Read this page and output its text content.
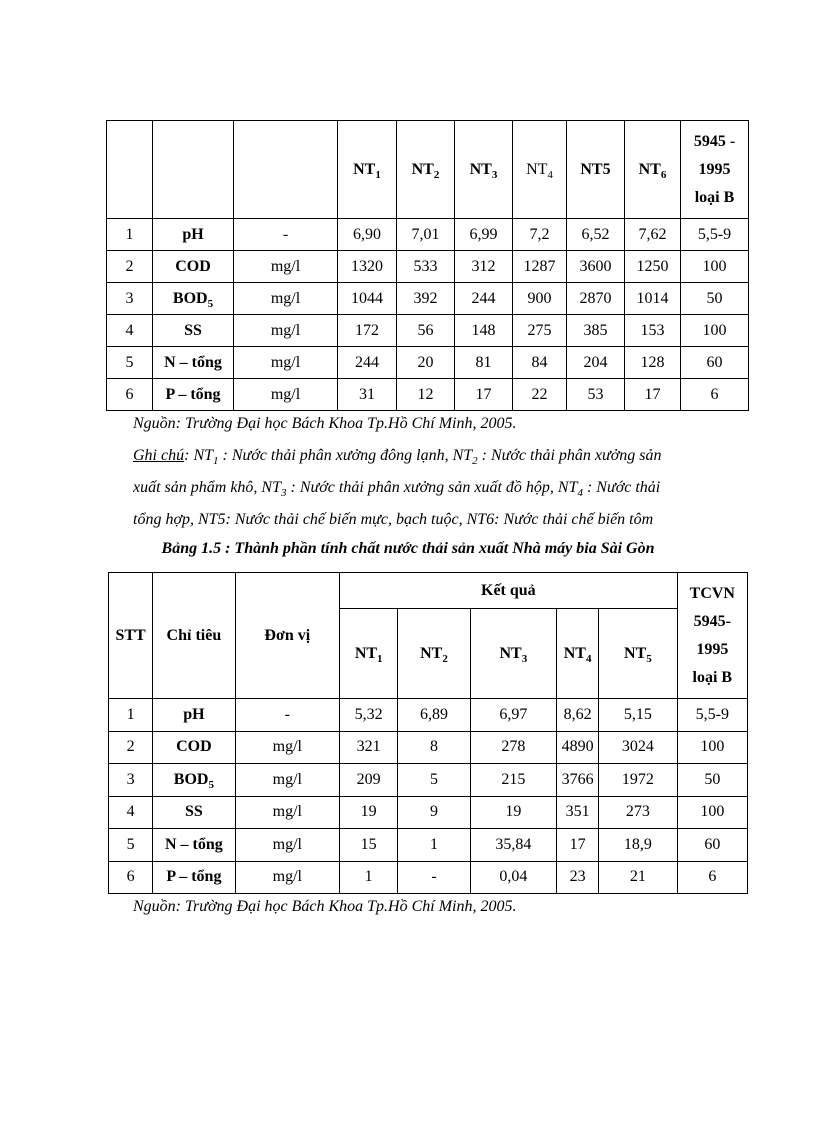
			$NT_1$	$NT_2$	$NT_3$	$NT_4$	NT5	$NT_6$	5945 -
1995
loại B
1	pH	-	6,90	7,01	6,99	7,2	6,52	7,62	5,5-9
2	COD	mg/l	1320	533	312	1287	3600	1250	100
3	$BOD_5$	mg/l	1044	392	244	900	2870	1014	50
4	SS	mg/l	172	56	148	275	385	153	100
5	N – tổng	mg/l	244	20	81	84	204	128	60
6	P – tổng	mg/l	31	12	17	22	53	17	6
Nguồn: Trường Đại học Bách Khoa Tp.Hồ Chí Minh, 2005.
Ghi chú: $NT_1$ : Nước thải phân xưởng đông lạnh, $NT_2$ : Nước thải phân xưởng sản
xuất sản phẩm khô, $NT_3$ : Nước thải phân xưởng sản xuất đồ hộp, $NT_4$ : Nước thải
tổng hợp, NT5: Nước thải chế biến mực, bạch tuộc, NT6: Nước thải chế biến tôm
Bảng 1.5 : Thành phần tính chất nước thải sản xuất Nhà máy bia Sài Gòn
STT	Chỉ tiêu	Đơn vị	Kết quả					TCVN
5945-
1995
loại B
			$NT_1$	$NT_2$	$NT_3$	$NT_4$	$NT_5$
1	pH	-	5,32	6,89	6,97	8,62	5,15	5,5-9
2	COD	mg/l	321	8	278	4890	3024	100
3	$BOD_5$	mg/l	209	5	215	3766	1972	50
4	SS	mg/l	19	9	19	351	273	100
5	N – tổng	mg/l	15	1	35,84	17	18,9	60
6	P – tổng	mg/l	1	-	0,04	23	21	6
Nguồn: Trường Đại học Bách Khoa Tp.Hồ Chí Minh, 2005.
